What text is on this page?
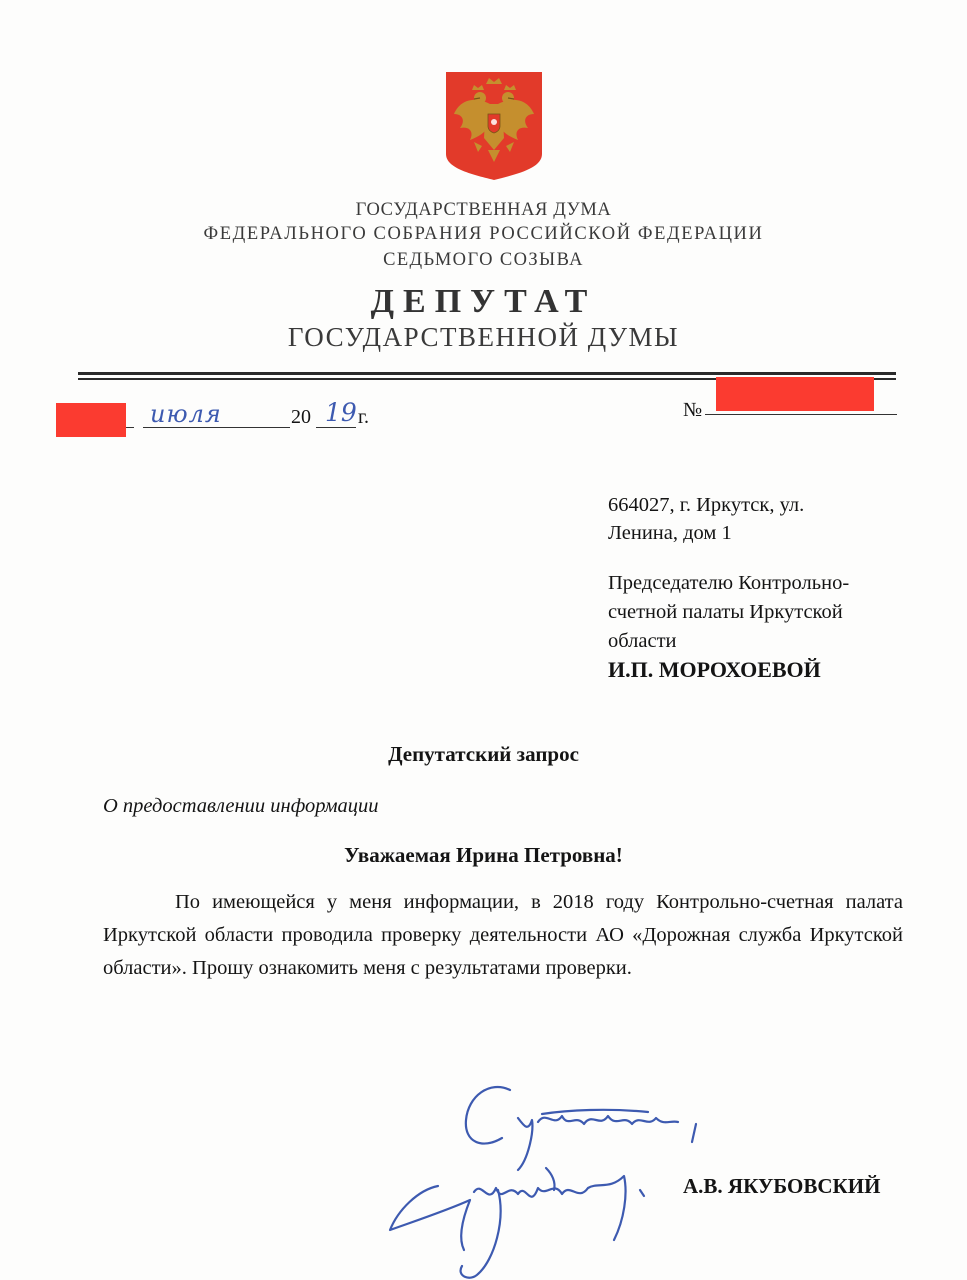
ГОСУДАРСТВЕННАЯ ДУМА
ФЕДЕРАЛЬНОГО СОБРАНИЯ РОССИЙСКОЙ ФЕДЕРАЦИИ
СЕДЬМОГО СОЗЫВА
ДЕПУТАТ
ГОСУДАРСТВЕННОЙ ДУМЫ
июля	20 19 г.	№
664027, г. Иркутск, ул.
Ленина, дом 1
Председателю Контрольно-
счетной палаты Иркутской
области
И.П. МОРОХОЕВОЙ
Депутатский запрос
О предоставлении информации
Уважаемая Ирина Петровна!

По имеющейся у меня информации, в 2018 году Контрольно-счетная палата Иркутской области проводила проверку деятельности АО «Дорожная служба Иркутской области». Прошу ознакомить меня с результатами проверки.

А.В. ЯКУБОВСКИЙ
